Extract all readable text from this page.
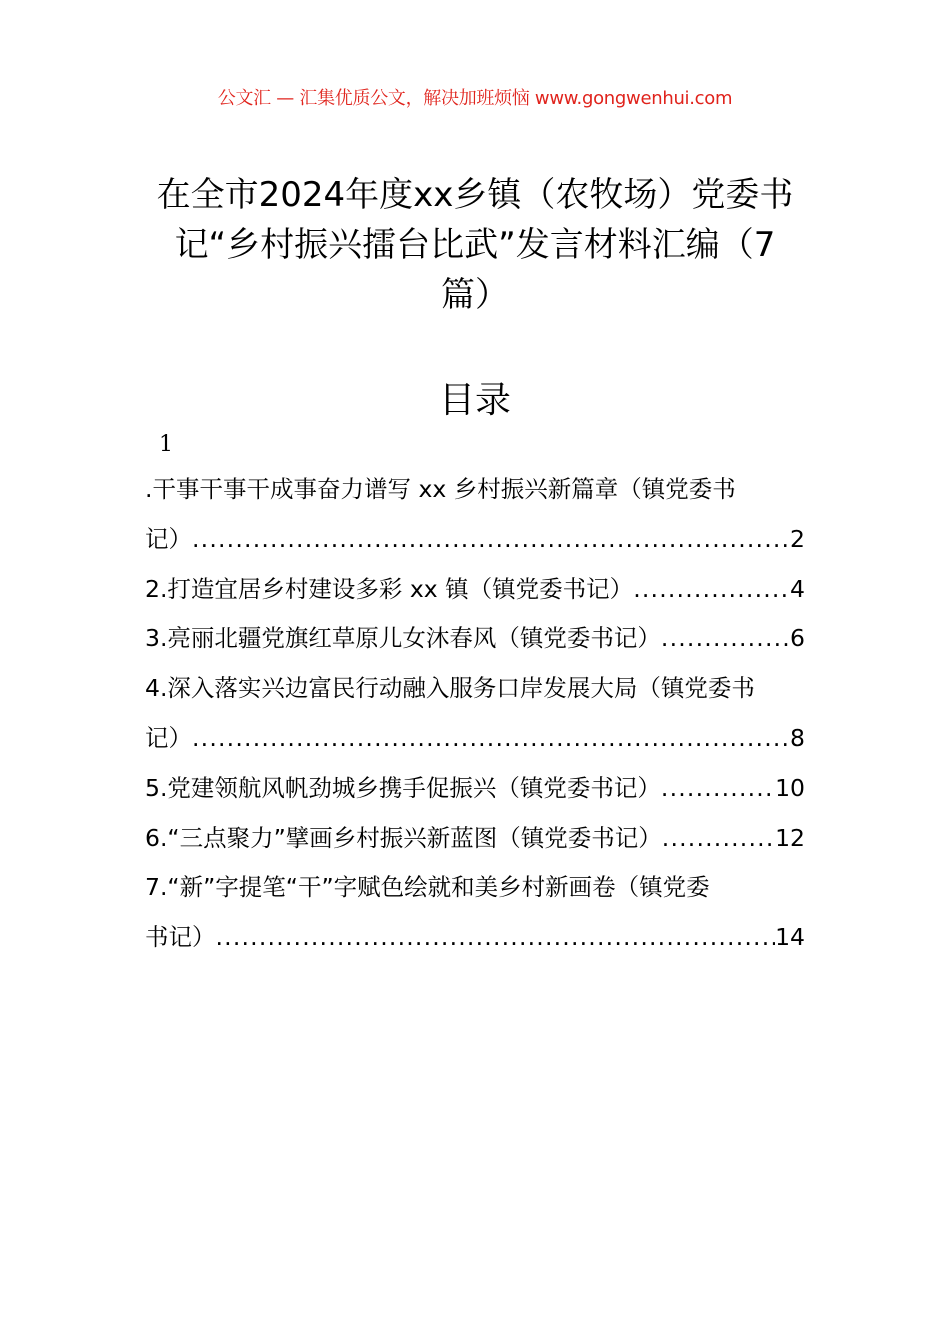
公文汇 — 汇集优质公文，解决加班烦恼 www.gongwenhui.com
在全市2024年度xx乡镇（农牧场）党委书
记“乡村振兴擂台比武”发言材料汇编（7
篇）
目录
1
.干事干事干成事奋力谱写 xx 乡村振兴新篇章（镇党委书
记） .....	2
2.打造宜居乡村建设多彩 xx 镇（镇党委书记） .....	4
3.亮丽北疆党旗红草原儿女沐春风（镇党委书记） .....	6
4.深入落实兴边富民行动融入服务口岸发展大局（镇党委书
记） .....	8
5.党建领航风帆劲城乡携手促振兴（镇党委书记） .....	10
6.“三点聚力”擘画乡村振兴新蓝图（镇党委书记） .....	12
7.“新”字提笔“干”字赋色绘就和美乡村新画卷（镇党委
书记） .....	14
